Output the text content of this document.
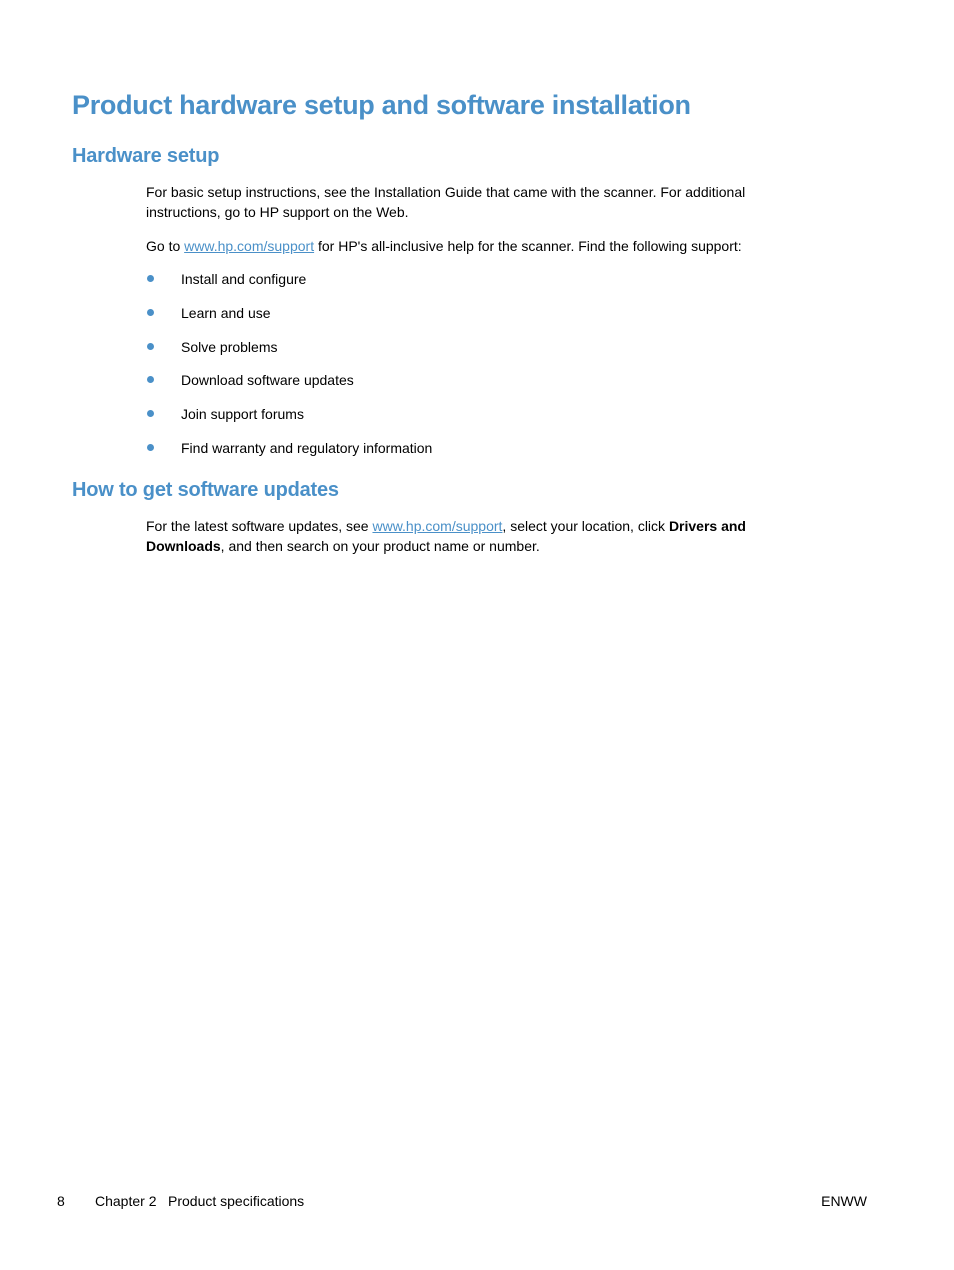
Product hardware setup and software installation
Hardware setup

For basic setup instructions, see the Installation Guide that came with the scanner. For additional instructions, go to HP support on the Web.

Go to www.hp.com/support for HP's all-inclusive help for the scanner. Find the following support:

Install and configure
Learn and use
Solve problems
Download software updates
Join support forums
Find warranty and regulatory information
How to get software updates

For the latest software updates, see www.hp.com/support, select your location, click Drivers and Downloads, and then search on your product name or number.

8 Chapter 2 Product specifications	ENWW
